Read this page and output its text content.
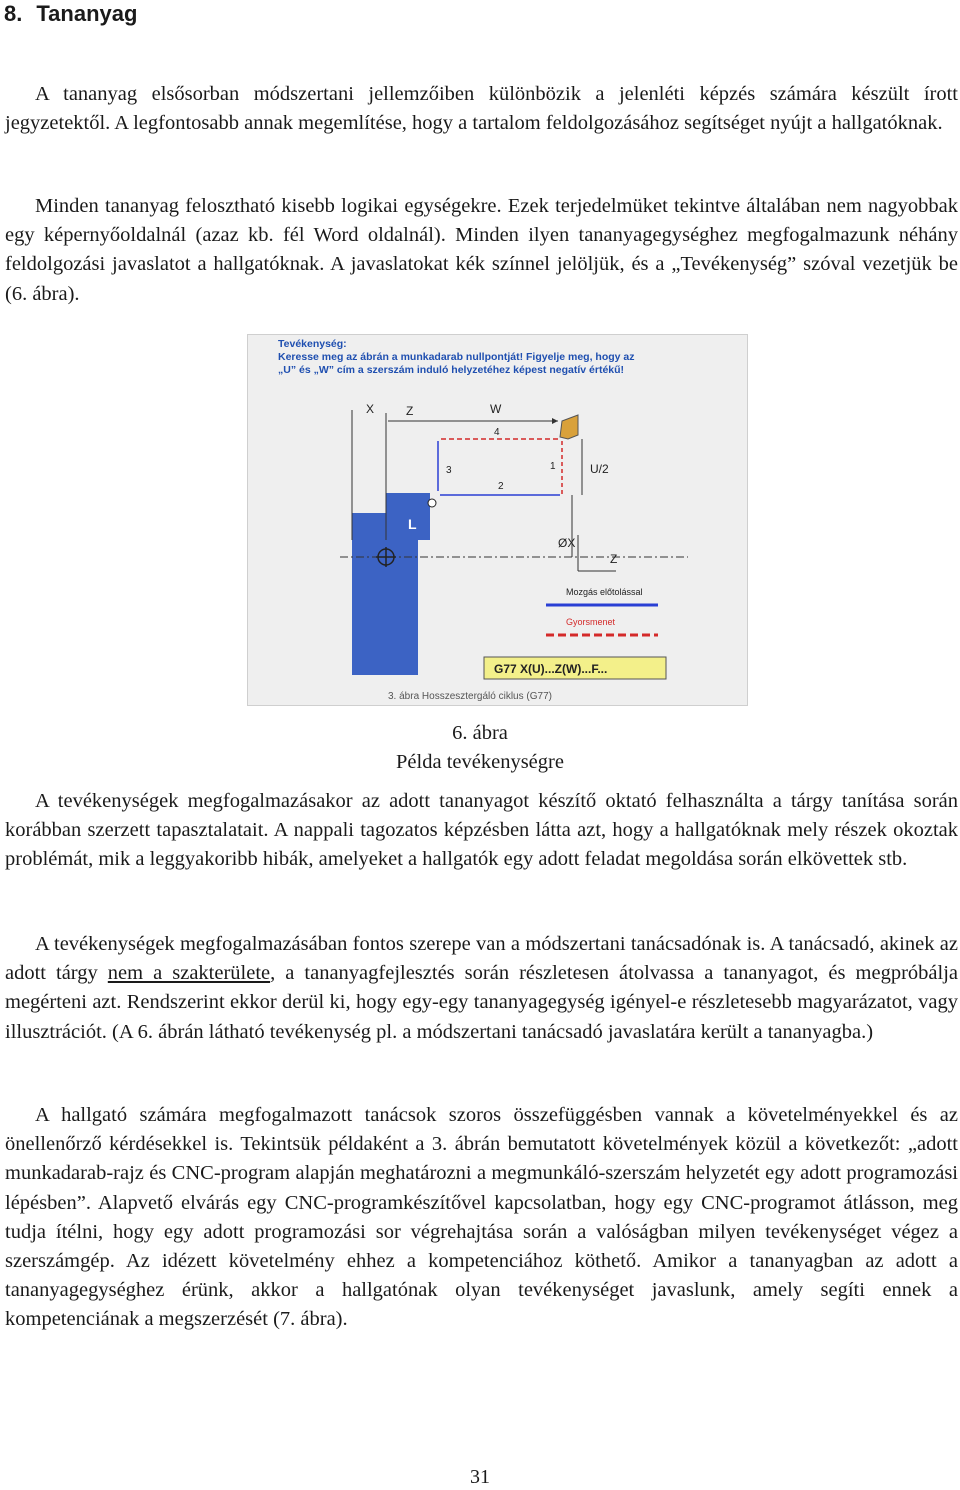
8. Tananyag

A tananyag elsősorban módszertani jellemzőiben különbözik a jelenléti képzés számára készült írott jegyzetektől. A legfontosabb annak megemlítése, hogy a tartalom feldolgozásához segítséget nyújt a hallgatóknak.

Minden tananyag felosztható kisebb logikai egységekre. Ezek terjedelmüket tekintve általában nem nagyobbak egy képernyőoldalnál (azaz kb. fél Word oldalnál). Minden ilyen tananyagegységhez megfogalmazunk néhány feldolgozási javaslatot a hallgatóknak. A javaslatokat kék színnel jelöljük, és a „Tevékenység” szóval vezetjük be (6. ábra).

Tevékenység:
Keresse meg az ábrán a munkadarab nullpontját! Figyelje meg, hogy az
„U” és „W” cím a szerszám induló helyzetéhez képest negatív értékű!
X	Z	W
4
3
2
1	U/2
ØX
Z
L
Mozgás előtolással
Gyorsmenet
G77 X(U)...Z(W)...F...
3. ábra Hosszesztergáló ciklus (G77)

6. ábra

Példa tevékenységre

A tevékenységek megfogalmazásakor az adott tananyagot készítő oktató felhasználta a tárgy tanítása során korábban szerzett tapasztalatait. A nappali tagozatos képzésben látta azt, hogy a hallgatóknak mely részek okoztak problémát, mik a leggyakoribb hibák, amelyeket a hallgatók egy adott feladat megoldása során elkövettek stb.

A tevékenységek megfogalmazásában fontos szerepe van a módszertani tanácsadónak is. A tanácsadó, akinek az adott tárgy nem a szakterülete, a tananyagfejlesztés során részletesen átolvassa a tananyagot, és megpróbálja megérteni azt. Rendszerint ekkor derül ki, hogy egy-egy tananyagegység igényel-e részletesebb magyarázatot, vagy illusztrációt. (A 6. ábrán látható tevékenység pl. a módszertani tanácsadó javaslatára került a tananyagba.)

A hallgató számára megfogalmazott tanácsok szoros összefüggésben vannak a követelményekkel és az önellenőrző kérdésekkel is. Tekintsük példaként a 3. ábrán bemutatott követelmények közül a következőt: „adott munkadarab-rajz és CNC-program alapján meghatározni a megmunkáló-szerszám helyzetét egy adott programozási lépésben”. Alapvető elvárás egy CNC-programkészítővel kapcsolatban, hogy egy CNC-programot átlásson, meg tudja ítélni, hogy egy adott programozási sor végrehajtása során a valóságban milyen tevékenységet végez a szerszámgép. Az idézett követelmény ehhez a kompetenciához köthető. Amikor a tananyagban az adott a tananyagegységhez érünk, akkor a hallgatónak olyan tevékenységet javaslunk, amely segíti ennek a kompetenciának a megszerzését (7. ábra).

31
